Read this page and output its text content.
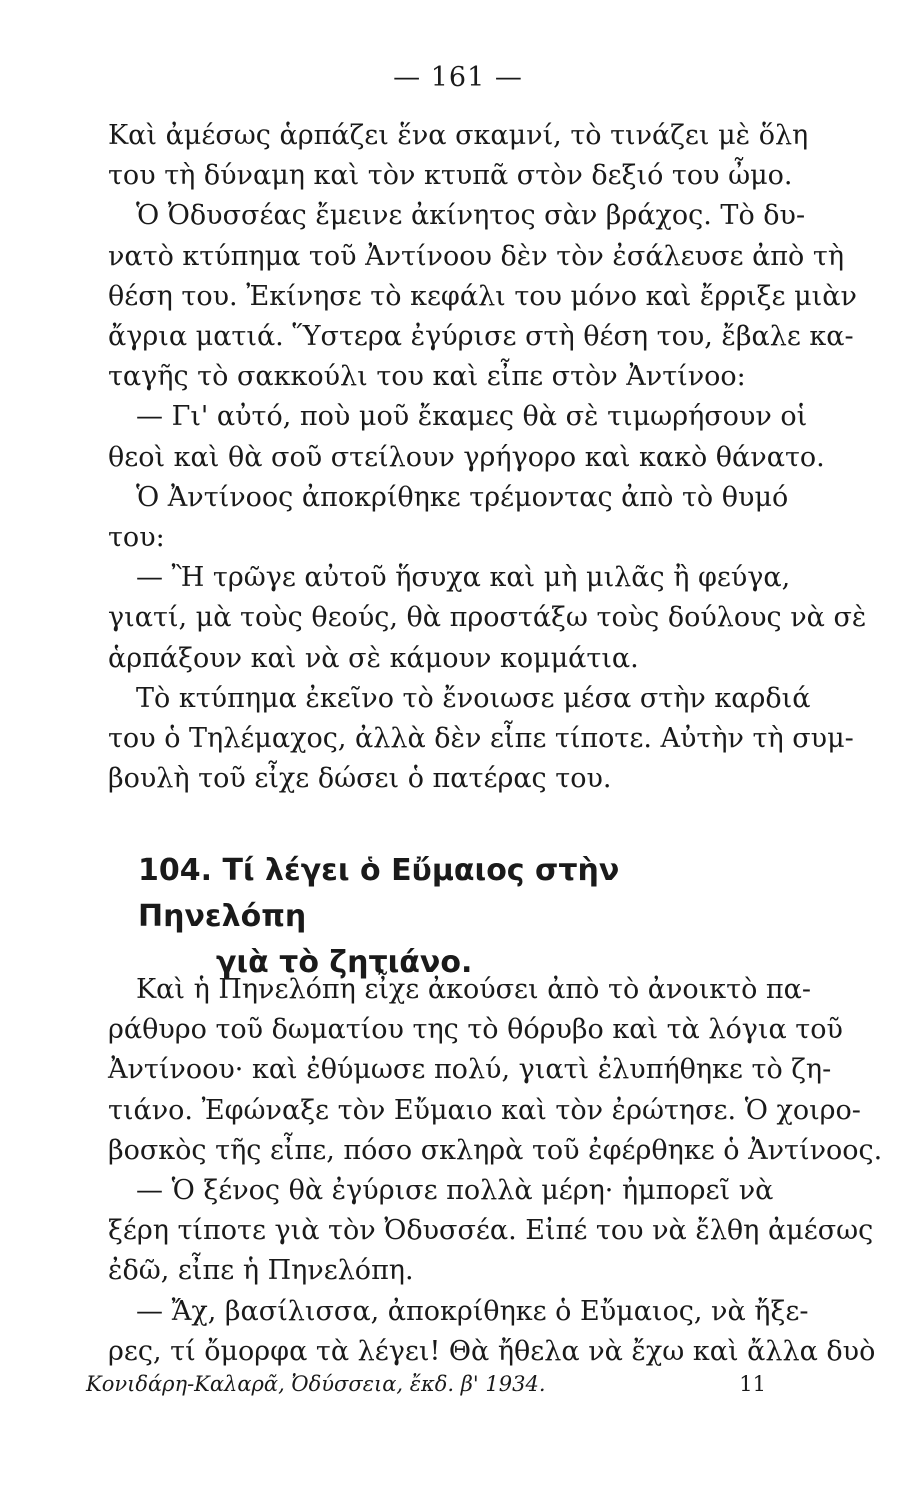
— 161 —

Καὶ ἀμέσως ἁρπάζει ἕνα σκαμνί, τὸ τινάζει μὲ ὅλη

του τὴ δύναμη καὶ τὸν κτυπᾶ στὸν δεξιό του ὦμο.

Ὁ Ὀδυσσέας ἔμεινε ἀκίνητος σὰν βράχος. Τὸ δυ-

νατὸ κτύπημα τοῦ Ἀντίνοου δὲν τὸν ἐσάλευσε ἀπὸ τὴ

θέση του. Ἐκίνησε τὸ κεφάλι του μόνο καὶ ἔρριξε μιὰν

ἄγρια ματιά. Ὕστερα ἐγύρισε στὴ θέση του, ἔβαλε κα-

ταγῆς τὸ σακκούλι του καὶ εἶπε στὸν Ἀντίνοο:

— Γι' αὐτό, ποὺ μοῦ ἔκαμες θὰ σὲ τιμωρήσουν οἱ

θεοὶ καὶ θὰ σοῦ στείλουν γρήγορο καὶ κακὸ θάνατο.

Ὁ Ἀντίνοος ἀποκρίθηκε τρέμοντας ἀπὸ τὸ θυμό

του:

— Ἢ τρῶγε αὐτοῦ ἥσυχα καὶ μὴ μιλᾶς ἢ φεύγα,

γιατί, μὰ τοὺς θεούς, θὰ προστάξω τοὺς δούλους νὰ σὲ

ἁρπάξουν καὶ νὰ σὲ κάμουν κομμάτια.

Τὸ κτύπημα ἐκεῖνο τὸ ἔνοιωσε μέσα στὴν καρδιά

του ὁ Τηλέμαχος, ἀλλὰ δὲν εἶπε τίποτε. Αὐτὴν τὴ συμ-

βουλὴ τοῦ εἶχε δώσει ὁ πατέρας του.

104. Τί λέγει ὁ Εὔμαιος στὴν Πηνελόπη
γιὰ τὸ ζητιάνο.

Καὶ ἡ Πηνελόπη εἶχε ἀκούσει ἀπὸ τὸ ἀνοικτὸ πα-

ράθυρο τοῦ δωματίου της τὸ θόρυβο καὶ τὰ λόγια τοῦ

Ἀντίνοου· καὶ ἐθύμωσε πολύ, γιατὶ ἐλυπήθηκε τὸ ζη-

τιάνο. Ἐφώναξε τὸν Εὔμαιο καὶ τὸν ἐρώτησε. Ὁ χοιρο-

βοσκὸς τῆς εἶπε, πόσο σκληρὰ τοῦ ἐφέρθηκε ὁ Ἀντίνοος.

— Ὁ ξένος θὰ ἐγύρισε πολλὰ μέρη· ἠμπορεῖ νὰ

ξέρη τίποτε γιὰ τὸν Ὀδυσσέα. Εἰπέ του νὰ ἔλθη ἀμέσως

ἐδῶ, εἶπε ἡ Πηνελόπη.

— Ἄχ, βασίλισσα, ἀποκρίθηκε ὁ Εὔμαιος, νὰ ἤξε-

ρες, τί ὄμορφα τὰ λέγει! Θὰ ἤθελα νὰ ἔχω καὶ ἄλλα δυὸ

Κονιδάρη-Καλαρᾶ, Ὀδύσσεια, ἔκδ. β' 1934.	11
